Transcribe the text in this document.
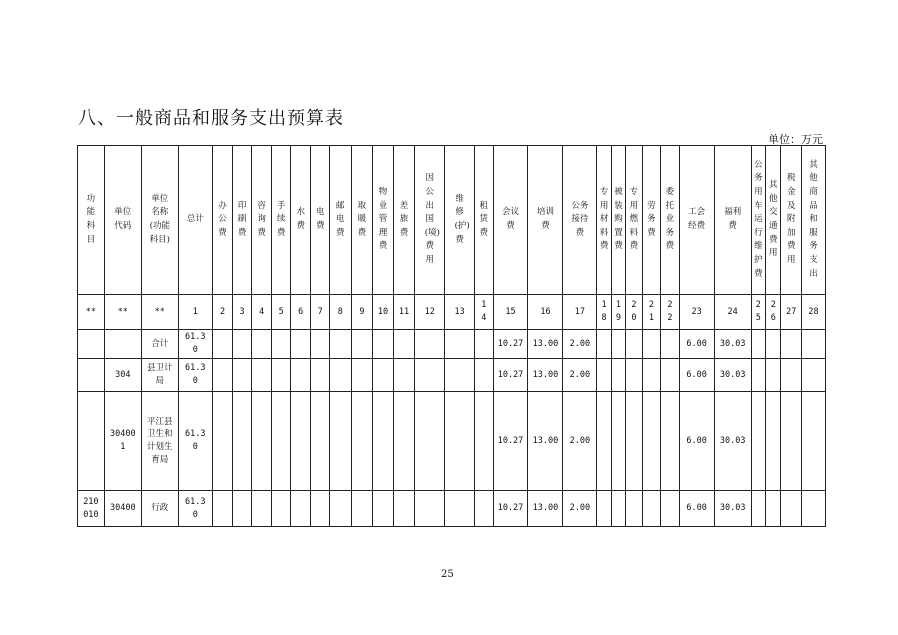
八、一般商品和服务支出预算表
单位：万元
功能科目	单位代码	单位名称(功能科目)	总计	办公费	印刷费	咨询费	手续费	水费	电费	邮电费	取暖费	物业管理费	差旅费	因公出国(境)费用	维修(护)费	租赁费	会议费	培训费	公务接待费	专用材料费	被装购置费	专用燃料费	劳务费	委托业务费	工会经费	福利费	公务用车运行维护费	其他交通费用	税金及附加费用	其他商品和服务支出
**	**	**	1	2	3	4	5	6	7	8	9	10	11	12	13	14	15	16	17	18	19	20	21	22	23	24	25	26	27	28
		合计	61.30														10.27	13.00	2.00						6.00	30.03				
	304	县卫计局	61.30														10.27	13.00	2.00						6.00	30.03				
	304001	平江县卫生和计划生育局	61.30														10.27	13.00	2.00						6.00	30.03				
210010	30400	行政	61.30														10.27	13.00	2.00						6.00	30.03				
25
